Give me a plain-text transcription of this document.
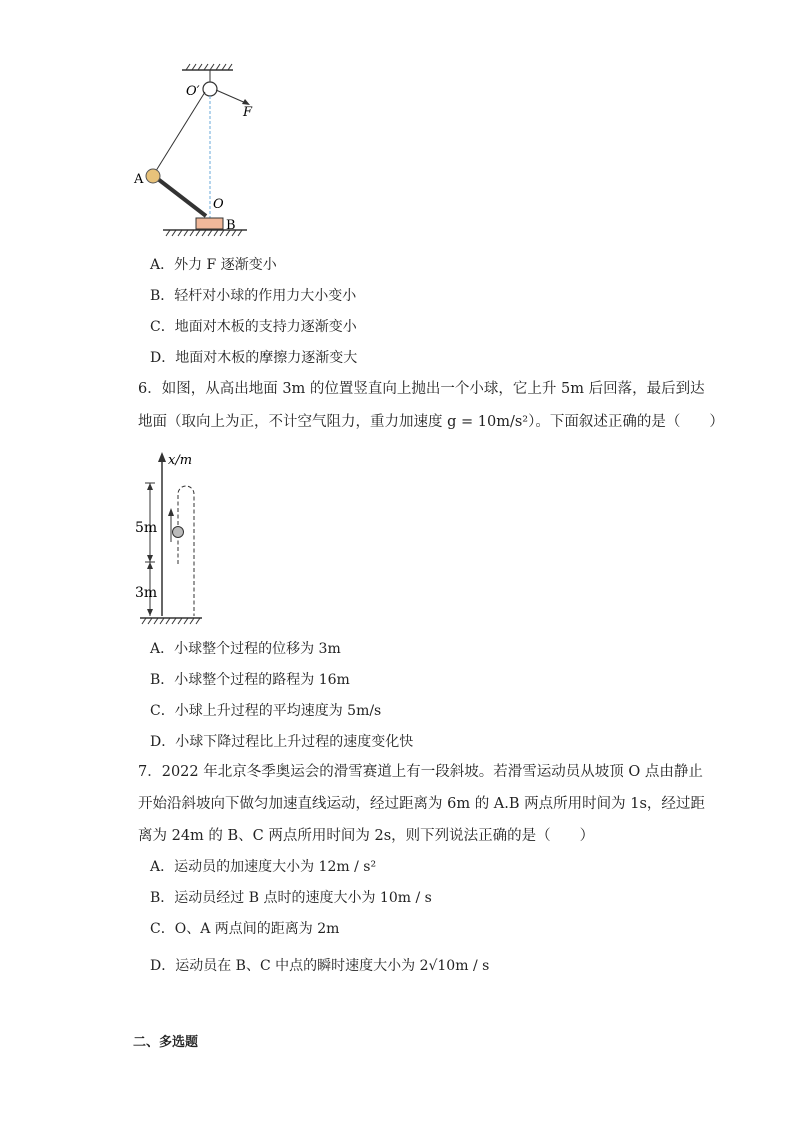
O′
F
A
O
B
A．外力 F 逐渐变小
B．轻杆对小球的作用力大小变小
C．地面对木板的支持力逐渐变小
D．地面对木板的摩擦力逐渐变大
6．如图，从高出地面 3m 的位置竖直向上抛出一个小球，它上升 5m 后回落，最后到达
地面（取向上为正，不计空气阻力，重力加速度 g = 10m/s²）。下面叙述正确的是（　　）
x/m
5m
3m
A．小球整个过程的位移为 3m
B．小球整个过程的路程为 16m
C．小球上升过程的平均速度为 5m/s
D．小球下降过程比上升过程的速度变化快
7．2022 年北京冬季奥运会的滑雪赛道上有一段斜坡。若滑雪运动员从坡顶 O 点由静止
开始沿斜坡向下做匀加速直线运动，经过距离为 6m 的 A.B 两点所用时间为 1s，经过距
离为 24m 的 B、C 两点所用时间为 2s，则下列说法正确的是（　　）
A．运动员的加速度大小为 12m / s²
B．运动员经过 B 点时的速度大小为 10m / s
C．O、A 两点间的距离为 2m
D．运动员在 B、C 中点的瞬时速度大小为 2√10m / s
二、多选题
